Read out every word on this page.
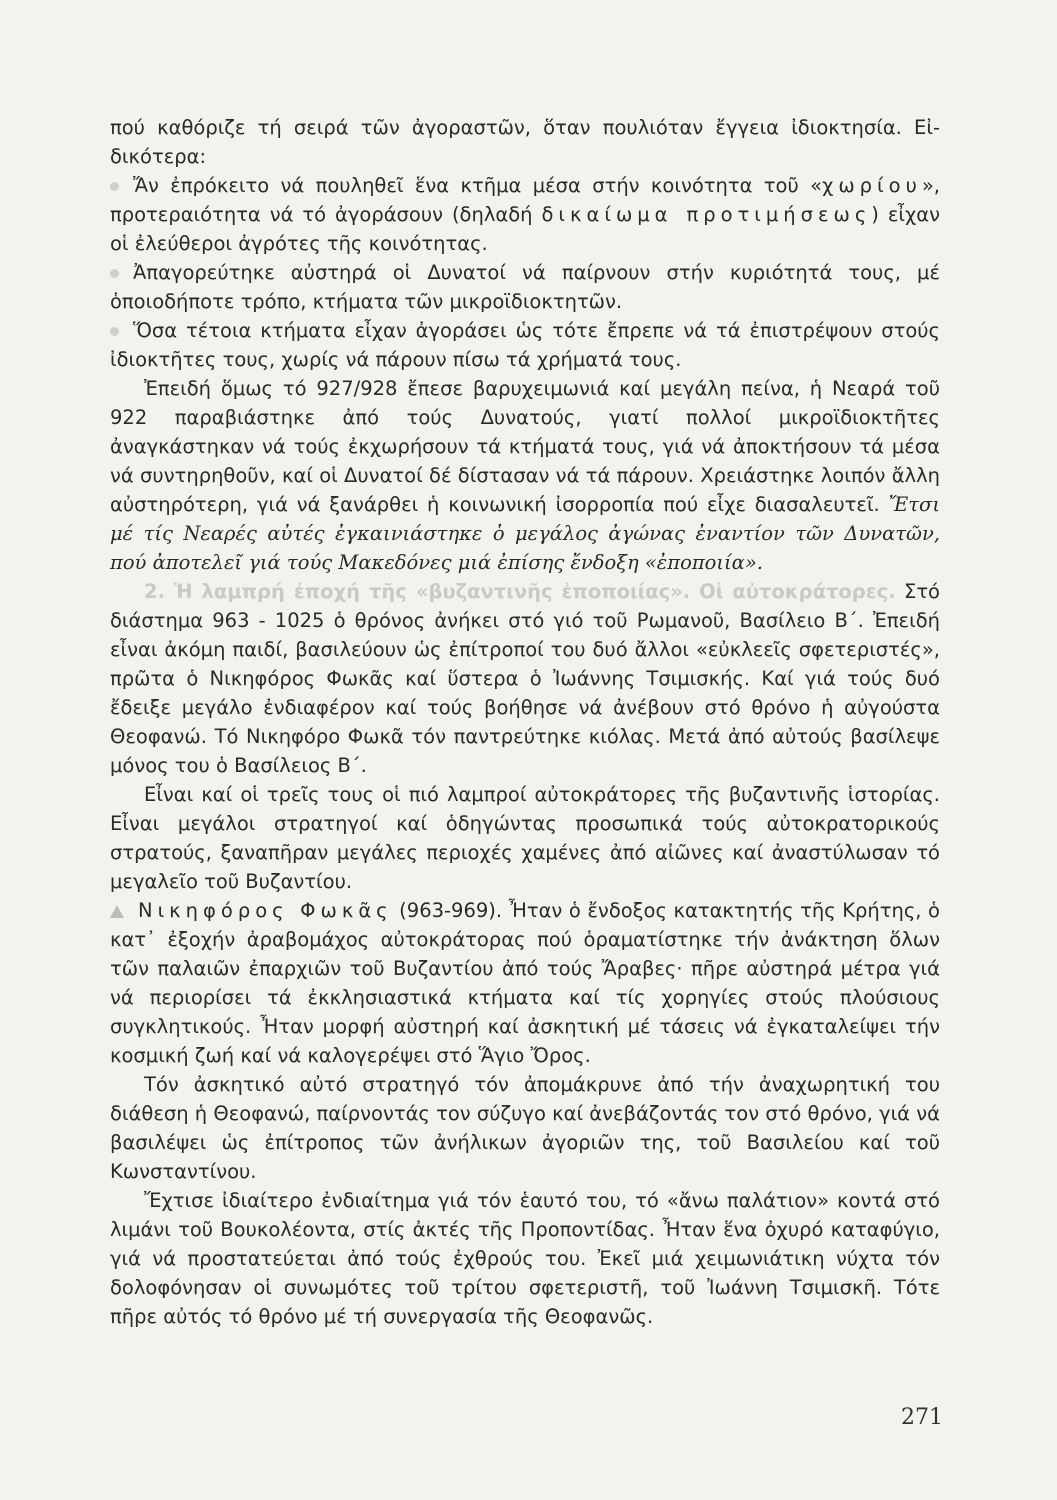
πού καθόριζε τή σειρά τῶν ἀγοραστῶν, ὅταν πουλιόταν ἔγγεια ἰδιοκτησία. Εἰ- δικότερα:

Ἄν ἐπρόκειτο νά πουληθεῖ ἕνα κτῆμα μέσα στήν κοινότητα τοῦ «χωρίου», προτεραιότητα νά τό ἀγοράσουν (δηλαδή δικαίωμα προτιμήσεως) εἶχαν οἱ ἐλεύθεροι ἀγρότες τῆς κοινότητας.

Ἀπαγορεύτηκε αὐστηρά οἱ Δυνατοί νά παίρνουν στήν κυριότητά τους, μέ ὁποιοδήποτε τρόπο, κτήματα τῶν μικροϊδιοκτητῶν.

Ὅσα τέτοια κτήματα εἶχαν ἀγοράσει ὡς τότε ἔπρεπε νά τά ἐπιστρέψουν στούς ἰδιοκτῆτες τους, χωρίς νά πάρουν πίσω τά χρήματά τους.

Ἐπειδή ὅμως τό 927/928 ἔπεσε βαρυχειμωνιά καί μεγάλη πείνα, ἡ Νεαρά τοῦ 922 παραβιάστηκε ἀπό τούς Δυνατούς, γιατί πολλοί μικροϊδιοκτῆτες ἀναγκάστηκαν νά τούς ἐκχωρήσουν τά κτήματά τους, γιά νά ἀποκτήσουν τά μέσα νά συντηρηθοῦν, καί οἱ Δυνατοί δέ δίστασαν νά τά πάρουν. Χρειάστηκε λοιπόν ἄλλη αὐστηρότερη, γιά νά ξανάρθει ἡ κοινωνική ἰσορροπία πού εἶχε διασαλευτεῖ. Ἔτσι μέ τίς Νεαρές αὐτές ἐγκαινιάστηκε ὁ μεγάλος ἀγώνας ἐναντίον τῶν Δυνατῶν, πού ἀποτελεῖ γιά τούς Μακεδόνες μιά ἐπίσης ἔνδοξη «ἐποποιία».

2. Ἡ λαμπρή ἐποχή τῆς «βυζαντινῆς ἐποποιίας». Οἱ αὐτοκράτορες. Στό διάστημα 963 - 1025 ὁ θρόνος ἀνήκει στό γιό τοῦ Ρωμανοῦ, Βασίλειο Β΄. Ἐπειδή εἶναι ἀκόμη παιδί, βασιλεύουν ὡς ἐπίτροποί του δυό ἄλλοι «εὐκλεεῖς σφετεριστές», πρῶτα ὁ Νικηφόρος Φωκᾶς καί ὕστερα ὁ Ἰωάννης Τσιμισκής. Καί γιά τούς δυό ἔδειξε μεγάλο ἐνδιαφέρον καί τούς βοήθησε νά ἀνέβουν στό θρόνο ἡ αὐγούστα Θεοφανώ. Τό Νικηφόρο Φωκᾶ τόν παντρεύτηκε κιόλας. Μετά ἀπό αὐτούς βασίλεψε μόνος του ὁ Βασίλειος Β΄.

Εἶναι καί οἱ τρεῖς τους οἱ πιό λαμπροί αὐτοκράτορες τῆς βυζαντινῆς ἱστορίας. Εἶναι μεγάλοι στρατηγοί καί ὁδηγώντας προσωπικά τούς αὐτοκρατορικούς στρατούς, ξαναπῆραν μεγάλες περιοχές χαμένες ἀπό αἰῶνες καί ἀναστύλωσαν τό μεγαλεῖο τοῦ Βυζαντίου.

Νικηφόρος Φωκᾶς (963-969). Ἦταν ὁ ἔνδοξος κατακτητής τῆς Κρήτης, ὁ κατ᾽ ἐξοχήν ἀραβομάχος αὐτοκράτορας πού ὁραματίστηκε τήν ἀνάκτηση ὅλων τῶν παλαιῶν ἐπαρχιῶν τοῦ Βυζαντίου ἀπό τούς Ἄραβες· πῆρε αὐστηρά μέτρα γιά νά περιορίσει τά ἐκκλησιαστικά κτήματα καί τίς χορηγίες στούς πλούσιους συγκλητικούς. Ἦταν μορφή αὐστηρή καί ἀσκητική μέ τάσεις νά ἐγκαταλείψει τήν κοσμική ζωή καί νά καλογερέψει στό Ἅγιο Ὄρος.

Τόν ἀσκητικό αὐτό στρατηγό τόν ἀπομάκρυνε ἀπό τήν ἀναχωρητική του διάθεση ἡ Θεοφανώ, παίρνοντάς τον σύζυγο καί ἀνεβάζοντάς τον στό θρόνο, γιά νά βασιλέψει ὡς ἐπίτροπος τῶν ἀνήλικων ἀγοριῶν της, τοῦ Βασιλείου καί τοῦ Κωνσταντίνου.

Ἔχτισε ἰδιαίτερο ἐνδιαίτημα γιά τόν ἑαυτό του, τό «ἄνω παλάτιον» κοντά στό λιμάνι τοῦ Βουκολέοντα, στίς ἀκτές τῆς Προποντίδας. Ἦταν ἕνα ὀχυρό καταφύγιο, γιά νά προστατεύεται ἀπό τούς ἐχθρούς του. Ἐκεῖ μιά χειμωνιάτικη νύχτα τόν δολοφόνησαν οἱ συνωμότες τοῦ τρίτου σφετεριστῆ, τοῦ Ἰωάννη Τσιμισκῆ. Τότε πῆρε αὐτός τό θρόνο μέ τή συνεργασία τῆς Θεοφανῶς.

271
